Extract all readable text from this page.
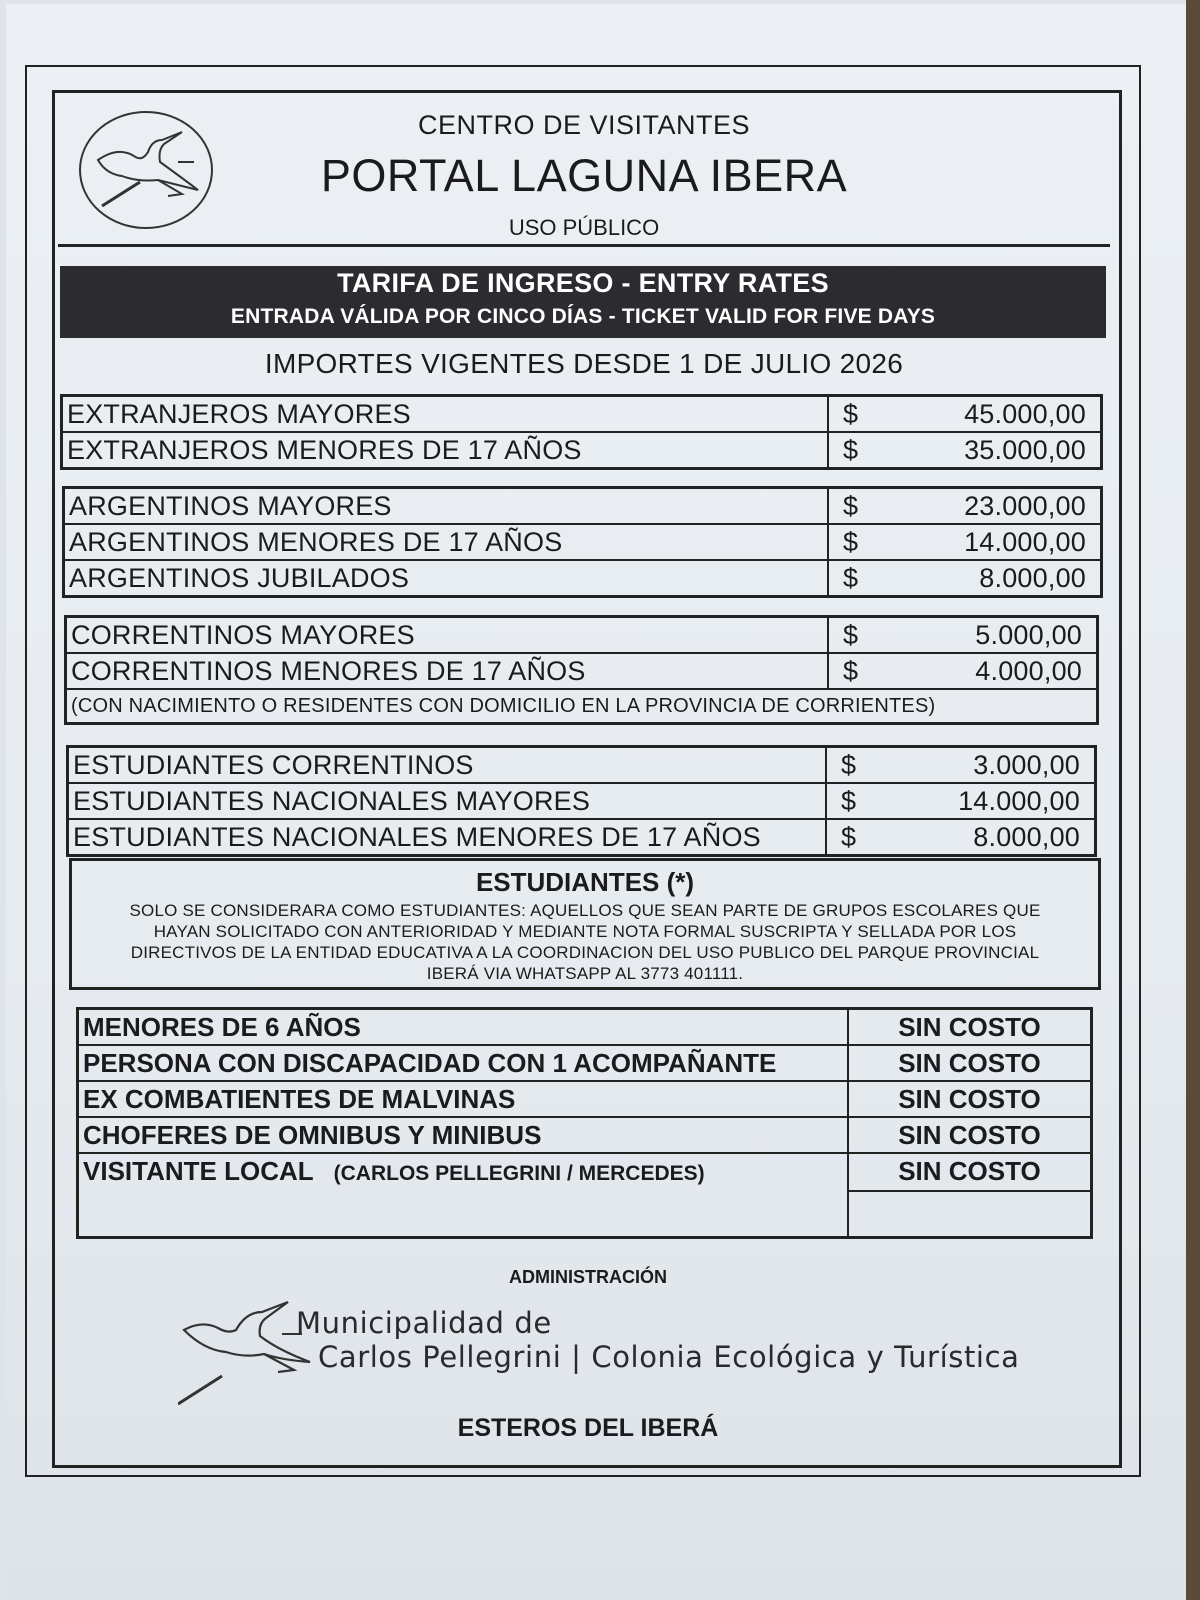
CENTRO DE VISITANTES
PORTAL LAGUNA IBERA
USO PÚBLICO
TARIFA DE INGRESO - ENTRY RATES
ENTRADA VÁLIDA POR CINCO DÍAS - TICKET VALID FOR FIVE DAYS
IMPORTES VIGENTES DESDE 1 DE JULIO 2026
EXTRANJEROS MAYORES	$	45.000,00
EXTRANJEROS MENORES DE 17 AÑOS	$	35.000,00
ARGENTINOS MAYORES	$	23.000,00
ARGENTINOS MENORES DE 17 AÑOS	$	14.000,00
ARGENTINOS JUBILADOS	$	8.000,00
CORRENTINOS MAYORES	$	5.000,00
CORRENTINOS MENORES DE 17 AÑOS	$	4.000,00
(CON NACIMIENTO O RESIDENTES CON DOMICILIO EN LA PROVINCIA DE CORRIENTES)		
ESTUDIANTES CORRENTINOS	$	3.000,00
ESTUDIANTES NACIONALES MAYORES	$	14.000,00
ESTUDIANTES NACIONALES MENORES DE 17 AÑOS	$	8.000,00
ESTUDIANTES (*)
SOLO SE CONSIDERARA COMO ESTUDIANTES: AQUELLOS QUE SEAN PARTE DE GRUPOS ESCOLARES QUE HAYAN SOLICITADO CON ANTERIORIDAD Y MEDIANTE NOTA FORMAL SUSCRIPTA Y SELLADA POR LOS DIRECTIVOS DE LA ENTIDAD EDUCATIVA A LA COORDINACION DEL USO PUBLICO DEL PARQUE PROVINCIAL IBERÁ VIA WHATSAPP AL 3773 401111.
MENORES DE 6 AÑOS	SIN COSTO
PERSONA CON DISCAPACIDAD CON 1 ACOMPAÑANTE	SIN COSTO
EX COMBATIENTES DE MALVINAS	SIN COSTO
CHOFERES DE OMNIBUS Y MINIBUS	SIN COSTO
VISITANTE LOCAL (CARLOS PELLEGRINI / MERCEDES)	SIN COSTO

ADMINISTRACIÓN
Municipalidad de
Carlos Pellegrini | Colonia Ecológica y Turística
ESTEROS DEL IBERÁ
